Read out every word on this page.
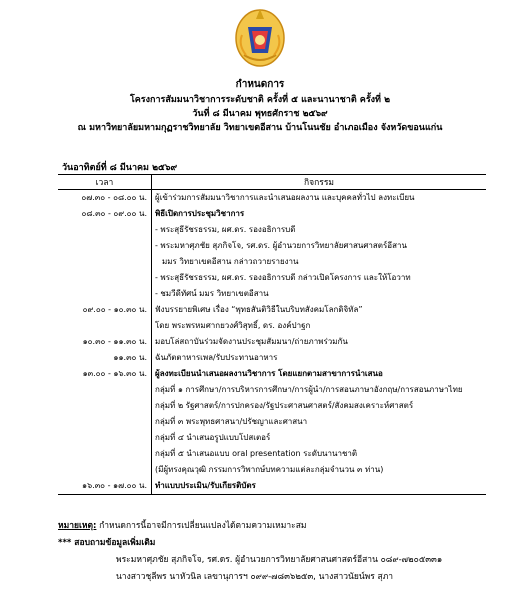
กำหนดการ
โครงการสัมมนาวิชาการระดับชาติ ครั้งที่ ๕ และนานาชาติ ครั้งที่ ๒
วันที่ ๘ มีนาคม พุทธศักราช ๒๕๖๙
ณ มหาวิทยาลัยมหามกุฏราชวิทยาลัย วิทยาเขตอีสาน บ้านโนนชัย อำเภอเมือง จังหวัดขอนแก่น
วันอาทิตย์ที่ ๘ มีนาคม ๒๕๖๙
เวลา	กิจกรรม
๐๗.๓๐ - ๐๘.๐๐ น.	ผู้เข้าร่วมการสัมมนาวิชาการและนำเสนอผลงาน และบุคคลทั่วไป ลงทะเบียน
๐๘.๓๐ - ๐๙.๐๐ น.	พิธีเปิดการประชุมวิชาการ
	- พระสุธีรัชรธรรม, ผศ.ดร. รองอธิการบดี
	- พระมหาศุภชัย สุภกิจโจ, รศ.ดร. ผู้อำนวยการวิทยาลัยศาสนศาสตร์อีสาน
	มมร วิทยาเขตอีสาน กล่าวถวายรายงาน
	- พระสุธีรัชรธรรม, ผศ.ดร. รองอธิการบดี กล่าวเปิดโครงการ และให้โอวาท
	- ชมวีดีทัศน์ มมร วิทยาเขตอีสาน
๐๙.๐๐ - ๑๐.๓๐ น.	ฟังบรรยายพิเศษ เรื่อง “พุทธสันติวิธีในบริบทสังคมโลกดิจิทัล”
	โดย พระพรหมศากยวงศ์วิสุทธิ์, ดร. องค์ปาฐก
๑๐.๓๐ - ๑๑.๓๐ น.	มอบโล่สถาบันร่วมจัดงานประชุมสัมมนา/ถ่ายภาพร่วมกัน
๑๑.๓๐ น.	ฉันภัตตาหารเพล/รับประทานอาหาร
๑๓.๐๐ - ๑๖.๓๐ น.	ผู้ลงทะเบียนนำเสนอผลงานวิชาการ โดยแยกตามสาขาการนำเสนอ
	กลุ่มที่ ๑ การศึกษา/การบริหารการศึกษา/การผู้นำ/การสอนภาษาอังกฤษ/การสอนภาษาไทย
	กลุ่มที่ ๒ รัฐศาสตร์/การปกครอง/รัฐประศาสนศาสตร์/สังคมสงเคราะห์ศาสตร์
	กลุ่มที่ ๓ พระพุทธศาสนา/ปรัชญาและศาสนา
	กลุ่มที่ ๔ นำเสนอรูปแบบโปสเตอร์
	กลุ่มที่ ๕ นำเสนอแบบ oral presentation ระดับนานาชาติ
	(มีผู้ทรงคุณวุฒิ กรรมการวิพากษ์บทความแต่ละกลุ่มจำนวน ๓ ท่าน)
๑๖.๓๐ - ๑๗.๐๐ น.	ทำแบบประเมิน/รับเกียรติบัตร
หมายเหตุ: กำหนดการนี้อาจมีการเปลี่ยนแปลงได้ตามความเหมาะสม
*** สอบถามข้อมูลเพิ่มเติม
พระมหาศุภชัย สุภกิจโจ, รศ.ดร. ผู้อำนวยการวิทยาลัยศาสนศาสตร์อีสาน ๐๘๙-๗๒๐๕๓๓๑
นางสาวชุลีพร นาหัวนิล เลขานุการฯ ๐๙๙-๗๘๓๖๒๕๓, นางสาวนัยน์พร สุภา
